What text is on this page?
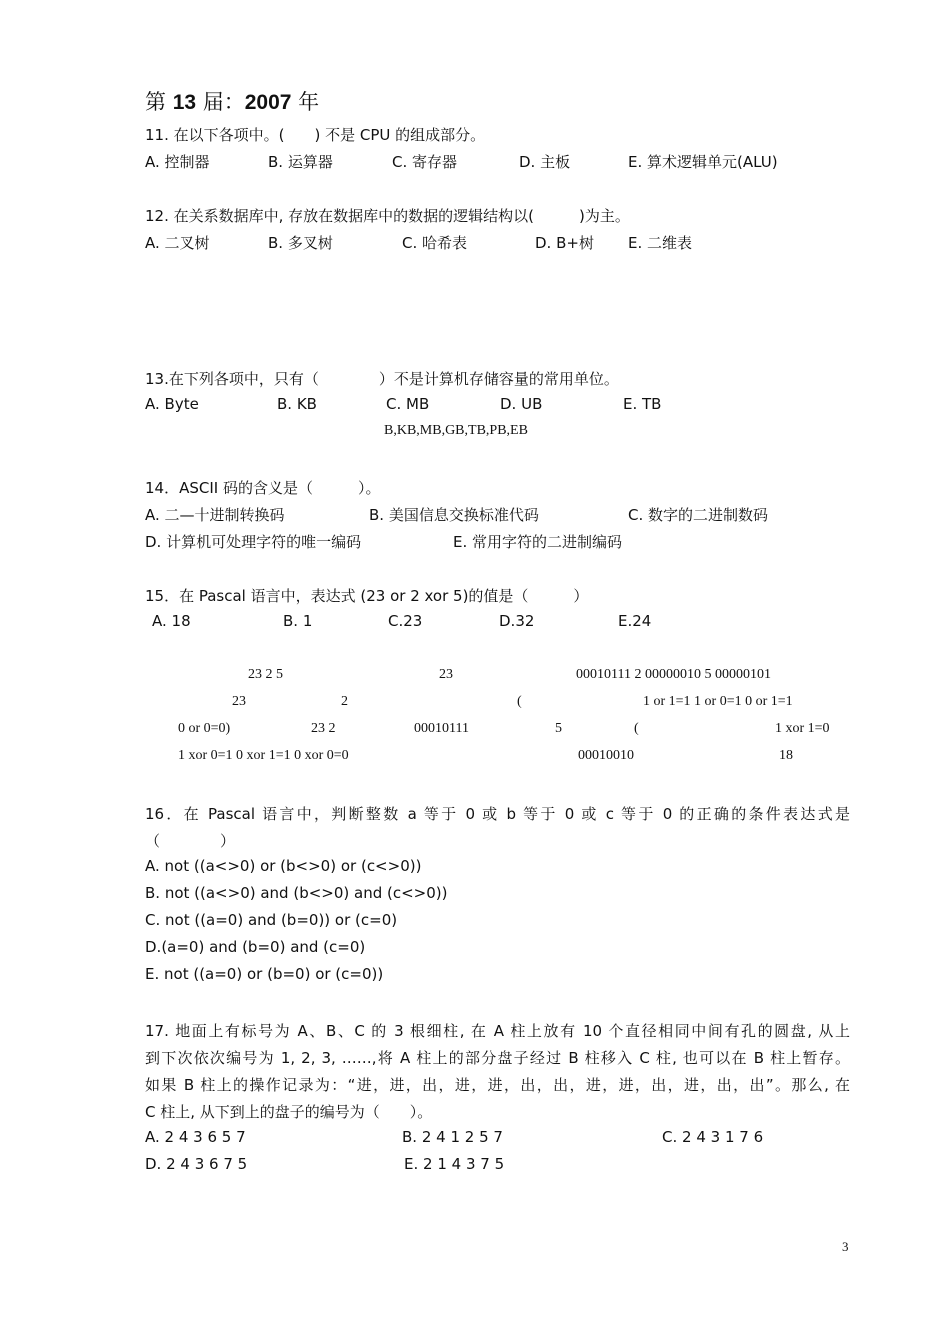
第 13 届：2007 年
11. 在以下各项中。(　　) 不是 CPU 的组成部分。
A. 控制器	B. 运算器	C. 寄存器	D. 主板	E. 算术逻辑单元(ALU)
12. 在关系数据库中, 存放在数据库中的数据的逻辑结构以(　　　)为主。
A. 二叉树	B. 多叉树	C. 哈希表	D. B+树 E. 二维表
13.在下列各项中，只有（　　　　）不是计算机存储容量的常用单位。
A. Byte	B. KB	C. MB	D. UB	E. TB
B,KB,MB,GB,TB,PB,EB
14．ASCII 码的含义是（　　　）。
A. 二—十进制转换码	B. 美国信息交换标准代码	C. 数字的二进制数码
D. 计算机可处理字符的唯一编码	E. 常用字符的二进制编码
15．在 Pascal 语言中，表达式 (23 or 2 xor 5)的值是（　　　）
A. 18	B. 1	C.23	D.32	E.24
23 2 5	23	00010111 2 00000010 5 00000101
23	2	(	1 or 1=1 1 or 0=1 0 or 1=1
0 or 0=0)	23 2	00010111	5	(	1 xor 1=0
1 xor 0=1 0 xor 1=1 0 xor 0=0	00010010	18
16．在 Pascal 语言中，判断整数 a 等于 0 或 b 等于 0 或 c 等于 0 的正确的条件表达式是
（　　　　）
A. not ((a<>0) or (b<>0) or (c<>0))
B. not ((a<>0) and (b<>0) and (c<>0))
C. not ((a=0) and (b=0)) or (c=0)
D.(a=0) and (b=0) and (c=0)
E. not ((a=0) or (b=0) or (c=0))
17. 地面上有标号为 A、B、C 的 3 根细柱, 在 A 柱上放有 10 个直径相同中间有孔的圆盘, 从上
到下次依次编号为 1, 2, 3, ……,将 A 柱上的部分盘子经过 B 柱移入 C 柱, 也可以在 B 柱上暂存。
如果 B 柱上的操作记录为：“进，进，出，进，进，出，出，进，进，出，进，出，出”。那么, 在
C 柱上, 从下到上的盘子的编号为（　　）。
A. 2 4 3 6 5 7	B. 2 4 1 2 5 7	C. 2 4 3 1 7 6
D. 2 4 3 6 7 5	E. 2 1 4 3 7 5
3
